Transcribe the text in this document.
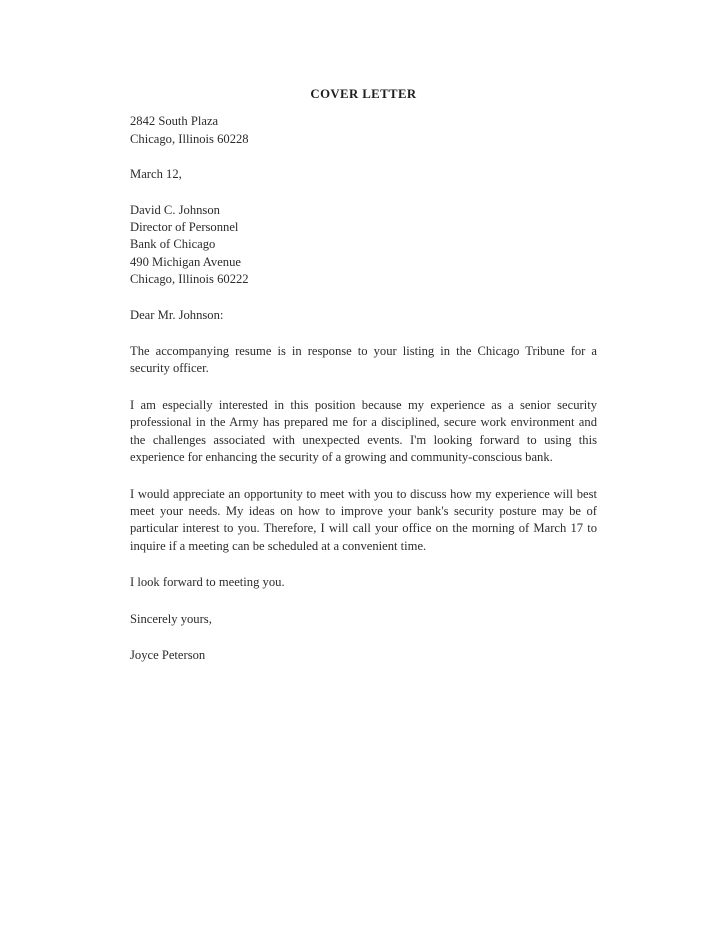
COVER LETTER
2842 South Plaza
Chicago, Illinois 60228
March 12,
David C. Johnson
Director of Personnel
Bank of Chicago
490 Michigan Avenue
Chicago, Illinois 60222
Dear Mr. Johnson:

The accompanying resume is in response to your listing in the Chicago Tribune for a security officer.

I am especially interested in this position because my experience as a senior security professional in the Army has prepared me for a disciplined, secure work environment and the challenges associated with unexpected events. I'm looking forward to using this experience for enhancing the security of a growing and community-conscious bank.

I would appreciate an opportunity to meet with you to discuss how my experience will best meet your needs. My ideas on how to improve your bank's security posture may be of particular interest to you. Therefore, I will call your office on the morning of March 17 to inquire if a meeting can be scheduled at a convenient time.

I look forward to meeting you.

Sincerely yours,
Joyce Peterson
